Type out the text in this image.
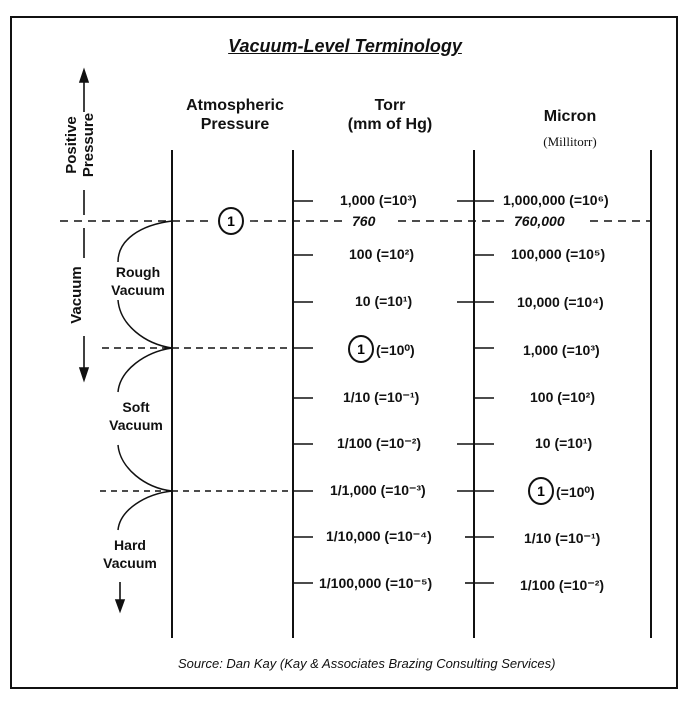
Vacuum-Level Terminology
Atmospheric
Pressure
Torr
(mm of Hg)	Micron
(Millitorr)
Positive
Pressure
Vacuum	Rough
Vacuum
Soft
Vacuum
Hard
Vacuum
1,000 (=10³)
760
100 (=10²)
10 (=10¹)
(=10⁰)
1/10 (=10⁻¹)
1/100 (=10⁻²)
1/1,000 (=10⁻³)
1/10,000 (=10⁻⁴)
1/100,000 (=10⁻⁵)
1,000,000 (=10⁶)
760,000
100,000 (=10⁵)
10,000 (=10⁴)
1,000 (=10³)
100 (=10²)
10 (=10¹)
(=10⁰)
1/10 (=10⁻¹)
1/100 (=10⁻²)
Source: Dan Kay (Kay & Associates Brazing Consulting Services)
1
1
1
